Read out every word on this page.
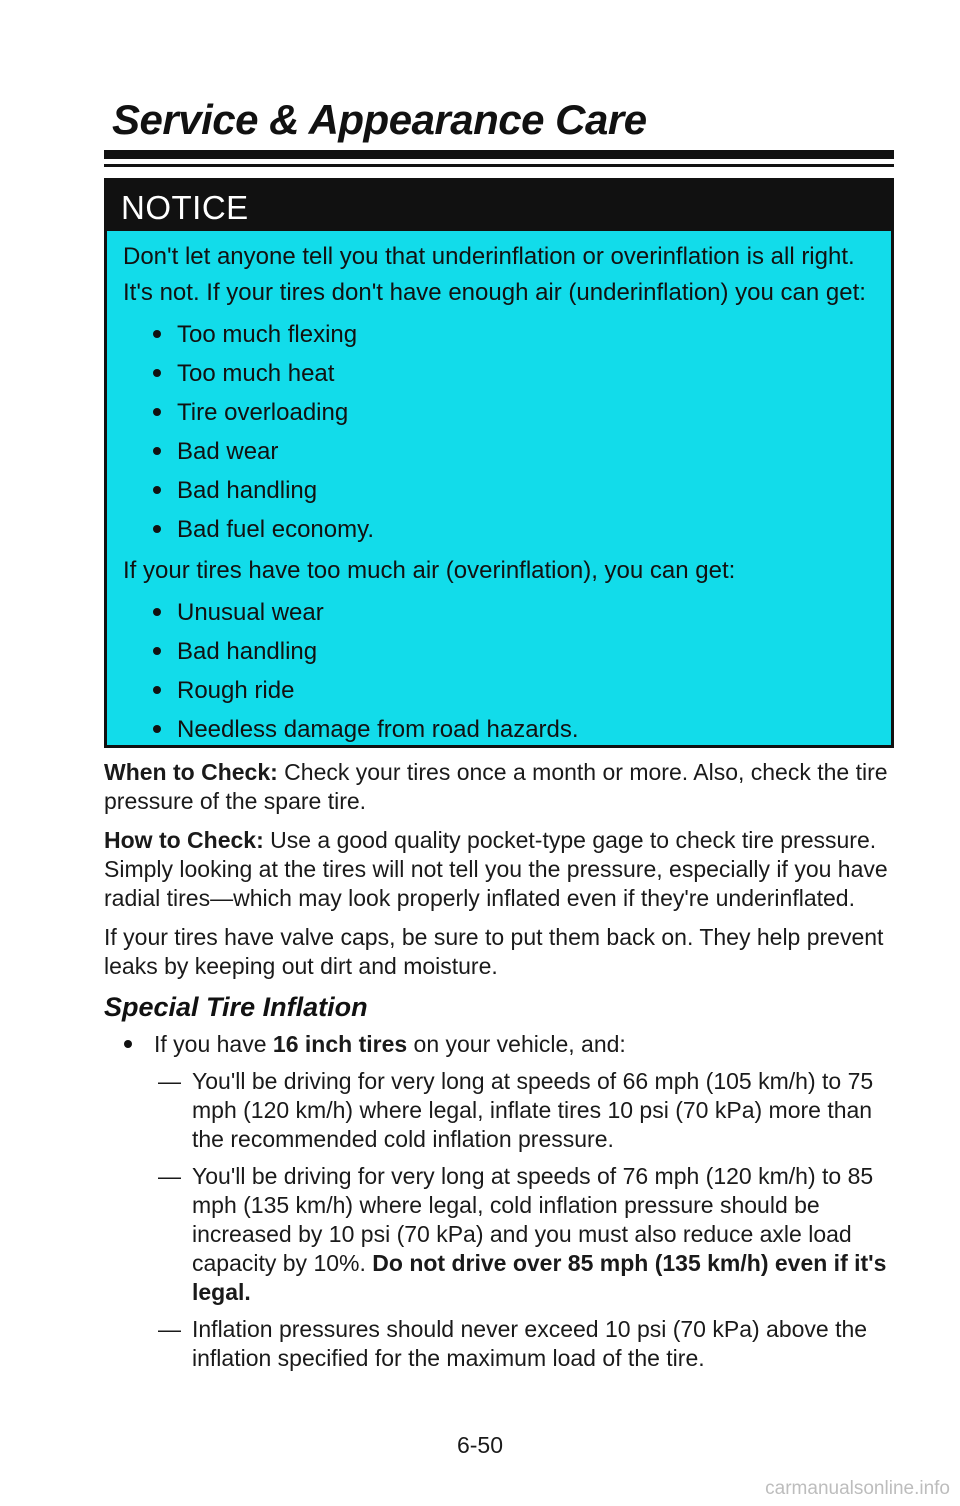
Service & Appearance Care
NOTICE

Don't let anyone tell you that underinflation or overinflation is all right. It's not. If your tires don't have enough air (underinflation) you can get:

Too much flexing
Too much heat
Tire overloading
Bad wear
Bad handling
Bad fuel economy.

If your tires have too much air (overinflation), you can get:

Unusual wear
Bad handling
Rough ride
Needless damage from road hazards.

When to Check: Check your tires once a month or more. Also, check the tire pressure of the spare tire.

How to Check: Use a good quality pocket-type gage to check tire pressure. Simply looking at the tires will not tell you the pressure, especially if you have radial tires—which may look properly inflated even if they're underinflated.

If your tires have valve caps, be sure to put them back on. They help prevent leaks by keeping out dirt and moisture.

Special Tire Inflation
If you have 16 inch tires on your vehicle, and:
— You'll be driving for very long at speeds of 66 mph (105 km/h) to 75 mph (120 km/h) where legal, inflate tires 10 psi (70 kPa) more than the recommended cold inflation pressure.
— You'll be driving for very long at speeds of 76 mph (120 km/h) to 85 mph (135 km/h) where legal, cold inflation pressure should be increased by 10 psi (70 kPa) and you must also reduce axle load capacity by 10%. Do not drive over 85 mph (135 km/h) even if it's legal.
— Inflation pressures should never exceed 10 psi (70 kPa) above the inflation specified for the maximum load of the tire.
6-50
carmanualsonline.info
